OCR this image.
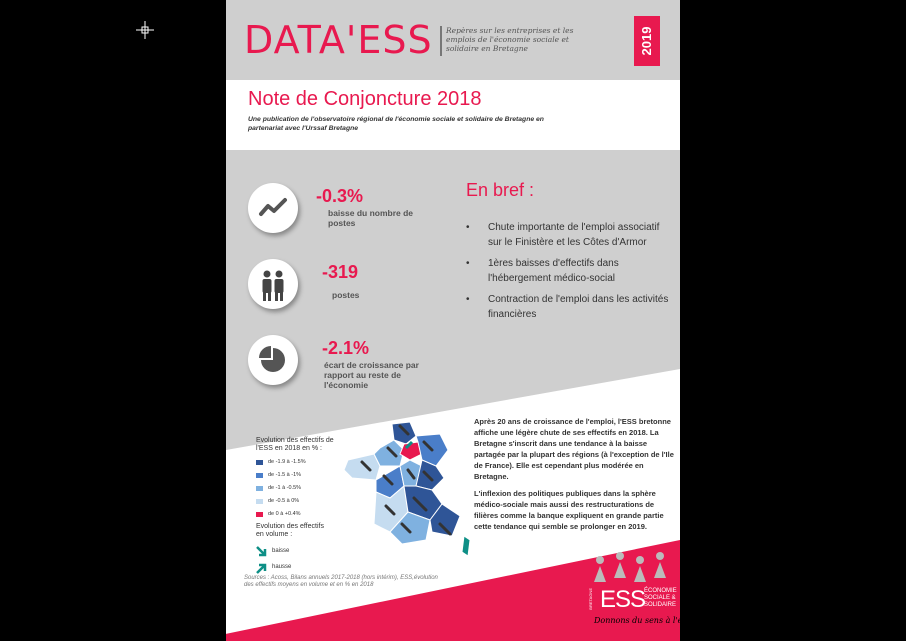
DATA'ESS Repères sur les entreprises et les emplois de l'économie sociale et solidaire en Bretagne	2019
Note de Conjoncture 2018
Une publication de l'observatoire régional de l'économie sociale et solidaire de Bretagne en partenariat avec l'Urssaf Bretagne
-0.3%
baisse du nombre de postes
-319
postes
-2.1%
écart de croissance par rapport au reste de l'économie
En bref :
• Chute importante de l'emploi associatif sur le Finistère et les Côtes d'Armor
• 1ères baisses d'effectifs dans l'hébergement médico-social
• Contraction de l'emploi dans les activités financières
Evolution des effectifs de l'ESS en 2018 en % :
de -1.9 à -1.5%
de -1.5 à -1%
de -1 à -0.5%
de -0.5 à 0%
de 0 à +0.4%
Evolution des effectifs en volume :
baisse
hausse
Sources : Acoss, Bilans annuels 2017-2018 (hors intérim), ESS,évolution des effectifs moyens en volume et en % en 2018

Après 20 ans de croissance de l'emploi, l'ESS bretonne affiche une légère chute de ses effectifs en 2018. La Bretagne s'inscrit dans une tendance à la baisse partagée par la plupart des régions (à l'exception de l'Ile de France). Elle est cependant plus modérée en Bretagne.

L'inflexion des politiques publiques dans la sphère médico-sociale mais aussi des restructurations de filières comme la banque expliquent en grande partie cette tendance qui semble se prolonger en 2019.

BRETAGNE ESS
ÉCONOMIE SOCIALE & SOLIDAIRE
Donnons du sens à l'économie
